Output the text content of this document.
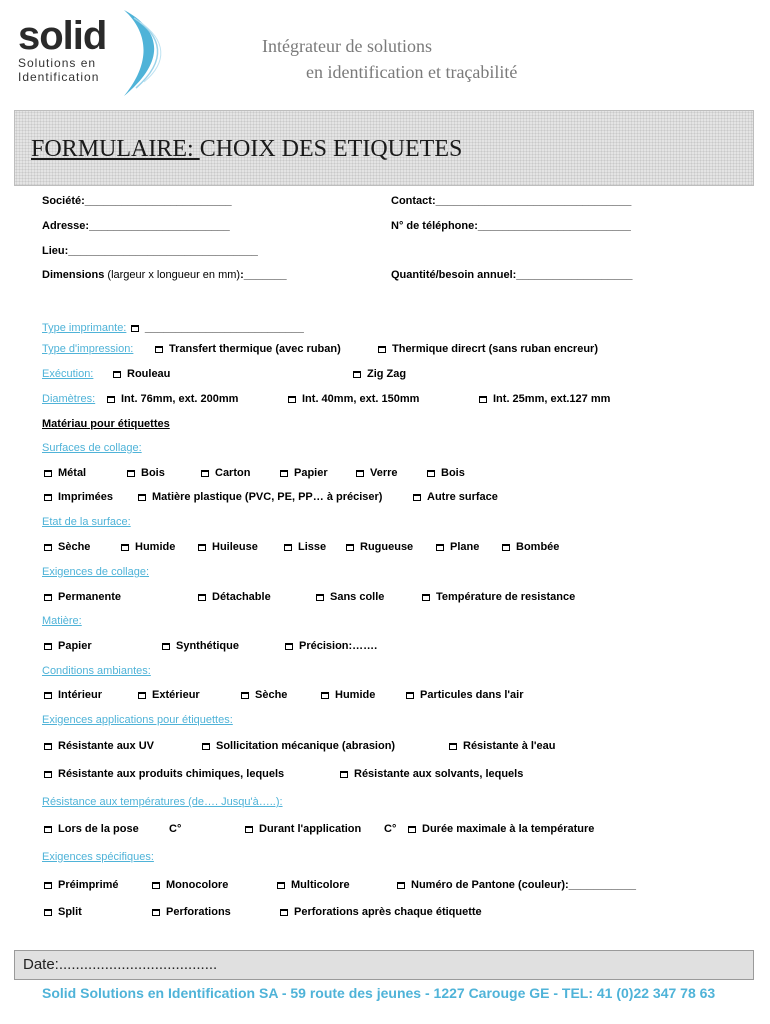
solid
Solutions en
Identification
Intégrateur de solutions
en identification et traçabilité
FORMULAIRE: CHOIX DES ETIQUETES
Société:________________________	Contact:________________________________
Adresse:_______________________	N° de téléphone:_________________________
Lieu:_______________________________
Dimensions (largeur x longueur en mm):_______	Quantité/besoin annuel:___________________
Type imprimante: __________________________
Type d'impression:	Transfert thermique (avec ruban)	Thermique direcrt (sans ruban encreur)
Exécution:	Rouleau	Zig Zag
Diamètres:	Int. 76mm, ext. 200mm	Int. 40mm, ext. 150mm	Int. 25mm, ext.127 mm
Matériau pour étiquettes
Surfaces de collage:
Métal	Bois	Carton	Papier	Verre	Bois
Imprimées	Matière plastique (PVC, PE, PP… à préciser)	Autre surface
Etat de la surface:
Sèche	Humide	Huileuse	Lisse	Rugueuse	Plane	Bombée
Exigences de collage:
Permanente	Détachable	Sans colle	Température de resistance
Matière:
Papier	Synthétique	Précision:…….
Conditions ambiantes:
Intérieur	Extérieur	Sèche	Humide	Particules dans l'air
Exigences applications pour étiquettes:
Résistante aux UV	Sollicitation mécanique (abrasion)	Résistante à l'eau
Résistante aux produits chimiques, lequels	Résistante aux solvants, lequels
Résistance aux températures (de…. Jusqu'à…..):
Lors de la pose	C°	Durant l'application C°	Durée maximale à la température
Exigences spécifiques:
Préimprimé	Monocolore	Multicolore	Numéro de Pantone (couleur):___________
Split	Perforations	Perforations après chaque étiquette
Date:......................................
Solid Solutions en Identification SA - 59 route des jeunes - 1227 Carouge GE - TEL: 41 (0)22 347 78 63
